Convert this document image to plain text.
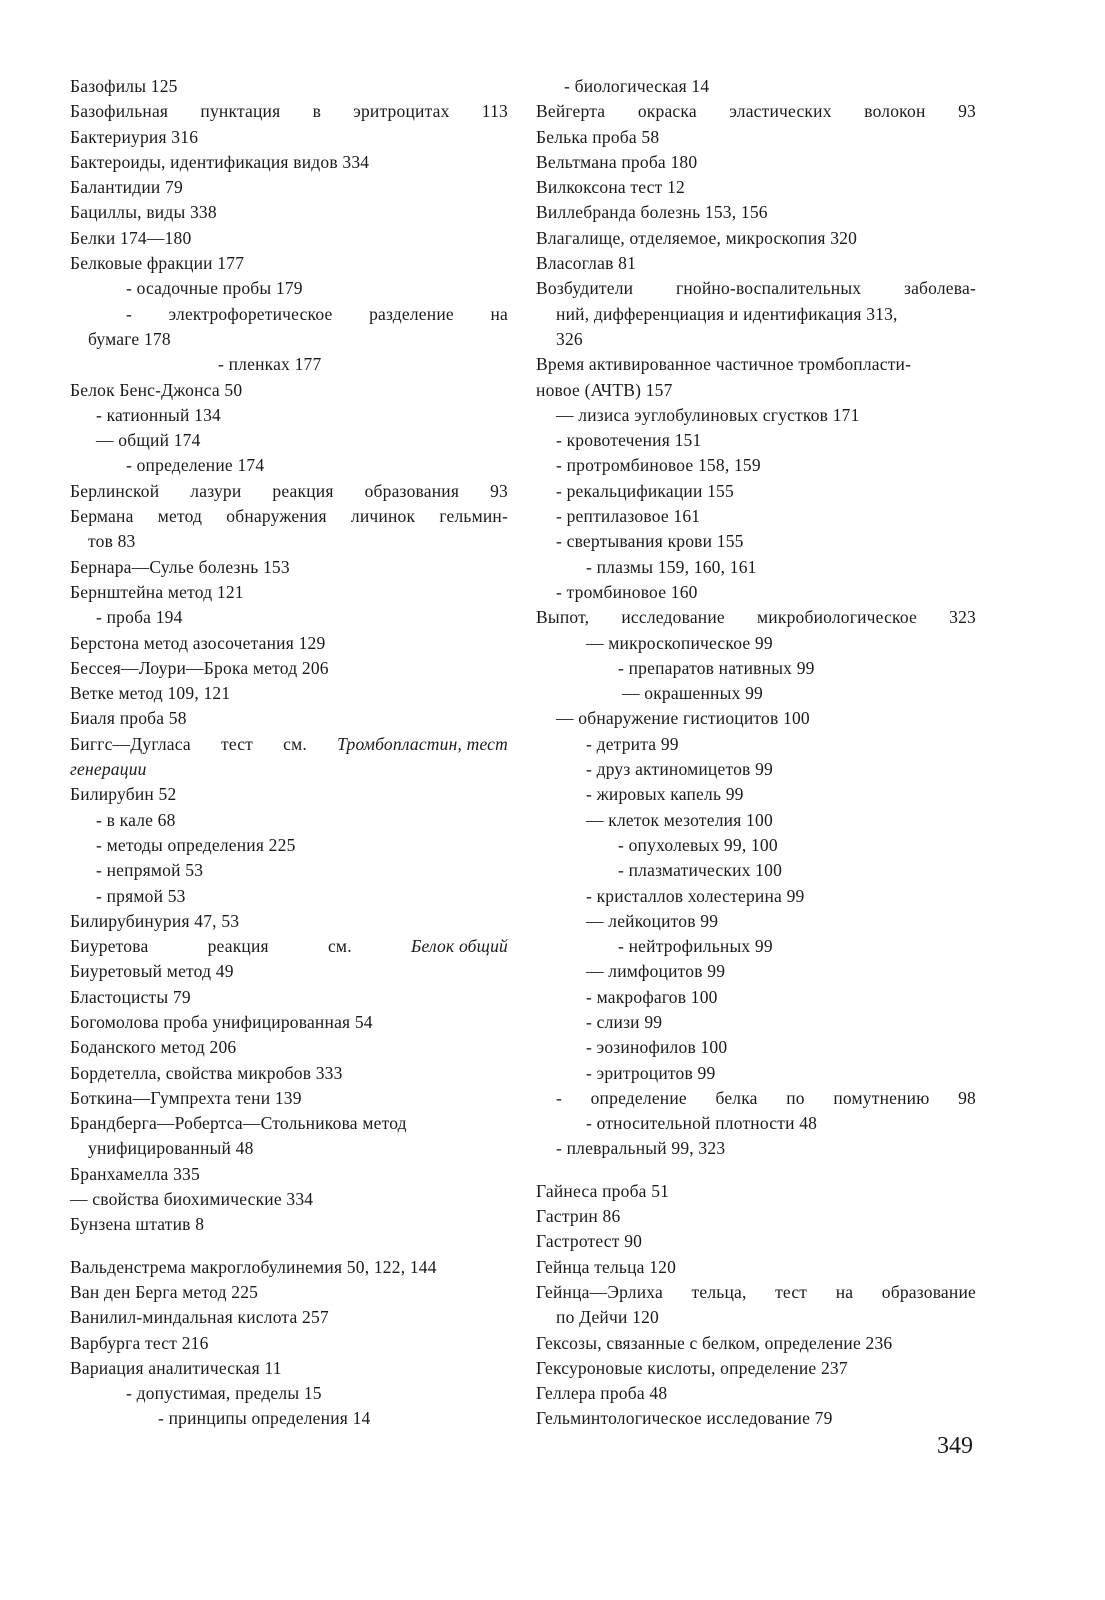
Базофилы 125
Базофильная пунктация в эритроцитах 113
Бактериурия 316
Бактероиды, идентификация видов 334
Балантидии 79
Бациллы, виды 338
Белки 174—180
Белковые фракции 177
- осадочные пробы 179
- электрофоретическое разделение на
бумаге 178
- пленках 177
Белок Бенс-Джонса 50
- катионный 134
— общий 174
- определение 174
Берлинской лазури реакция образования 93
Бермана метод обнаружения личинок гельмин-
тов 83
Бернара—Сулье болезнь 153
Бернштейна метод 121
- проба 194
Берстона метод азосочетания 129
Бессея—Лоури—Брока метод 206
Ветке метод 109, 121
Биаля проба 58
Биггс—Дугласа тест см. Тромбопластин, тест
генерации
Билирубин 52
- в кале 68
- методы определения 225
- непрямой 53
- прямой 53
Билирубинурия 47, 53
Биуретова	реакция	см.	Белок общий
Биуретовый метод 49
Бластоцисты 79
Богомолова проба унифицированная 54
Боданского метод 206
Бордетелла, свойства микробов 333
Боткина—Гумпрехта тени 139
Брандберга—Робертса—Стольникова метод
унифицированный 48
Бранхамелла 335
— свойства биохимические 334
Бунзена штатив 8
Вальденстрема макроглобулинемия 50, 122, 144
Ван ден Берга метод 225
Ванилил-миндальная кислота 257
Варбурга тест 216
Вариация аналитическая 11
- допустимая, пределы 15
- принципы определения 14
- биологическая 14
Вейгерта окраска эластических волокон 93
Белька проба 58
Вельтмана проба 180
Вилкоксона тест 12
Виллебранда болезнь 153, 156
Влагалище, отделяемое, микроскопия 320
Власоглав 81
Возбудители гнойно-воспалительных заболева-
ний, дифференциация и идентификация 313,
326
Время активированное частичное тромбопласти-
новое (АЧТВ) 157
— лизиса эуглобулиновых сгустков 171
- кровотечения 151
- протромбиновое 158, 159
- рекальцификации 155
- рептилазовое 161
- свертывания крови 155
- плазмы 159, 160, 161
- тромбиновое 160
Выпот, исследование микробиологическое 323
— микроскопическое 99
- препаратов нативных 99
— окрашенных 99
— обнаружение гистиоцитов 100
- детрита 99
- друз актиномицетов 99
- жировых капель 99
— клеток мезотелия 100
- опухолевых 99, 100
- плазматических 100
- кристаллов холестерина 99
— лейкоцитов 99
- нейтрофильных 99
— лимфоцитов 99
- макрофагов 100
- слизи 99
- эозинофилов 100
- эритроцитов 99
- определение белка по помутнению 98
- относительной плотности 48
- плевральный 99, 323
Гайнеса проба 51
Гастрин 86
Гастротест 90
Гейнца тельца 120
Гейнца—Эрлиха тельца, тест на образование
по Дейчи 120
Гексозы, связанные с белком, определение 236
Гексуроновые кислоты, определение 237
Геллера проба 48
Гельминтологическое исследование 79
349
